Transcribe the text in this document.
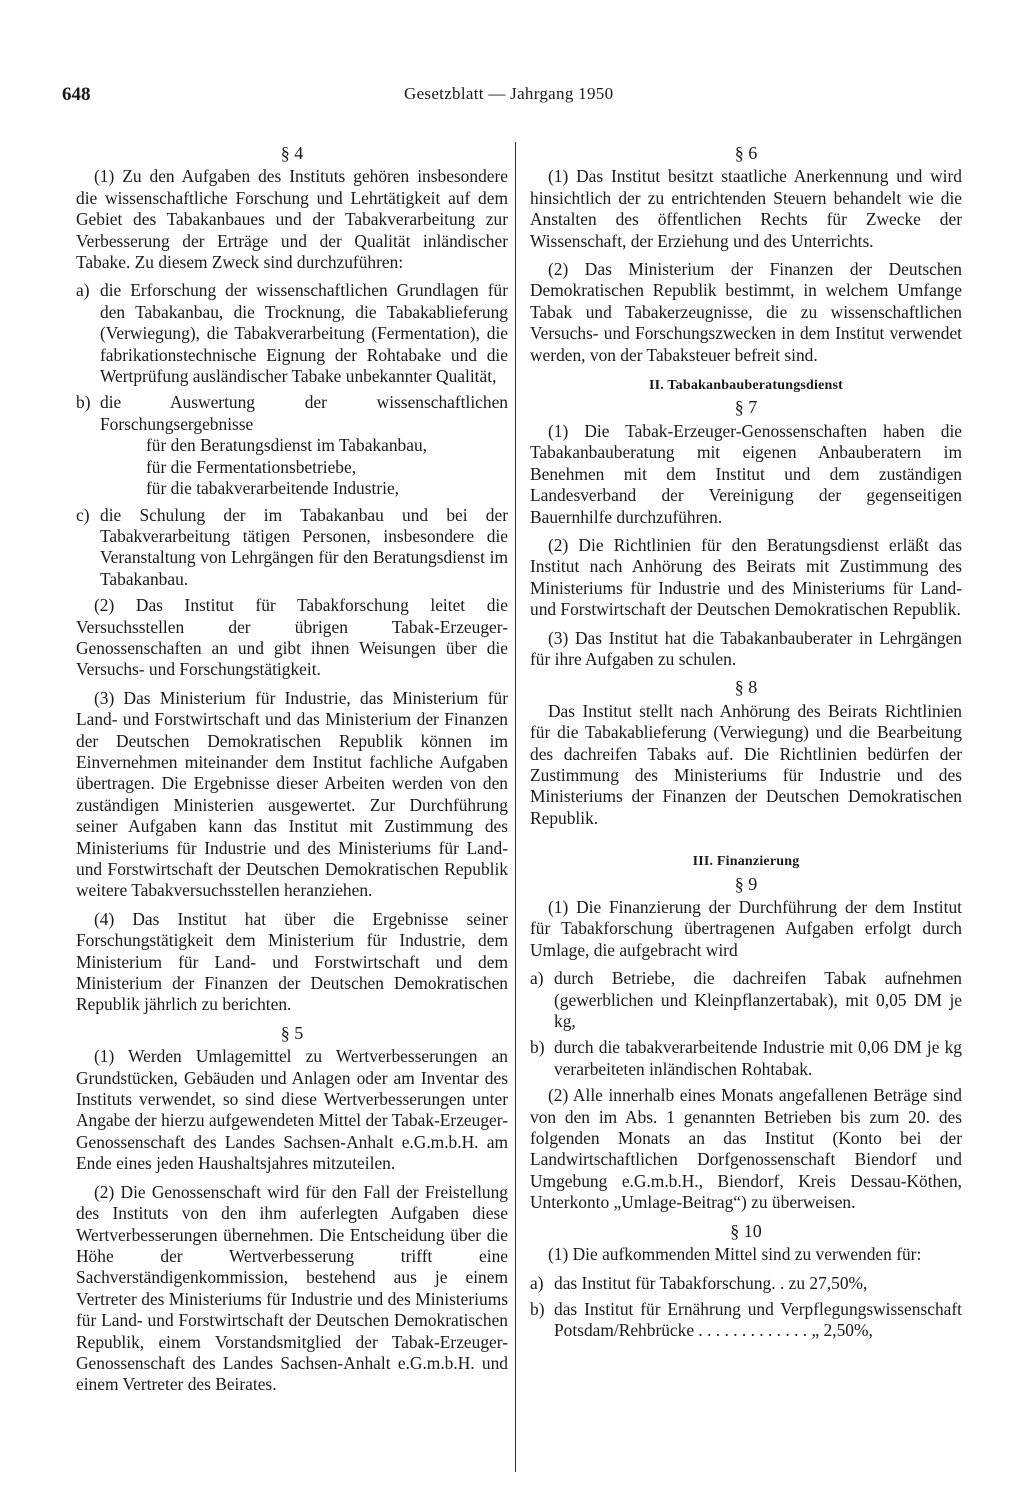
648	Gesetzblatt — Jahrgang 1950
§ 4

(1) Zu den Aufgaben des Instituts gehören insbesondere die wissenschaftliche Forschung und Lehrtätigkeit auf dem Gebiet des Tabakanbaues und der Tabakverarbeitung zur Verbesserung der Erträge und der Qualität inländischer Tabake. Zu diesem Zweck sind durchzuführen:

a) die Erforschung der wissenschaftlichen Grundlagen für den Tabakanbau, die Trocknung, die Tabakablieferung (Verwiegung), die Tabakverarbeitung (Fermentation), die fabrikationstechnische Eignung der Rohtabake und die Wertprüfung ausländischer Tabake unbekannter Qualität,
b) die Auswertung der wissenschaftlichen Forschungsergebnisse
für den Beratungsdienst im Tabakanbau,
für die Fermentationsbetriebe,
für die tabakverarbeitende Industrie,
c) die Schulung der im Tabakanbau und bei der Tabakverarbeitung tätigen Personen, insbesondere die Veranstaltung von Lehrgängen für den Beratungsdienst im Tabakanbau.

(2) Das Institut für Tabakforschung leitet die Versuchsstellen der übrigen Tabak-Erzeuger-Genossenschaften an und gibt ihnen Weisungen über die Versuchs- und Forschungstätigkeit.

(3) Das Ministerium für Industrie, das Ministerium für Land- und Forstwirtschaft und das Ministerium der Finanzen der Deutschen Demokratischen Republik können im Einvernehmen miteinander dem Institut fachliche Aufgaben übertragen. Die Ergebnisse dieser Arbeiten werden von den zuständigen Ministerien ausgewertet. Zur Durchführung seiner Aufgaben kann das Institut mit Zustimmung des Ministeriums für Industrie und des Ministeriums für Land- und Forstwirtschaft der Deutschen Demokratischen Republik weitere Tabakversuchsstellen heranziehen.

(4) Das Institut hat über die Ergebnisse seiner Forschungstätigkeit dem Ministerium für Industrie, dem Ministerium für Land- und Forstwirtschaft und dem Ministerium der Finanzen der Deutschen Demokratischen Republik jährlich zu berichten.

§ 5

(1) Werden Umlagemittel zu Wertverbesserungen an Grundstücken, Gebäuden und Anlagen oder am Inventar des Instituts verwendet, so sind diese Wertverbesserungen unter Angabe der hierzu aufgewendeten Mittel der Tabak-Erzeuger-Genossenschaft des Landes Sachsen-Anhalt e.G.m.b.H. am Ende eines jeden Haushaltsjahres mitzuteilen.

(2) Die Genossenschaft wird für den Fall der Freistellung des Instituts von den ihm auferlegten Aufgaben diese Wertverbesserungen übernehmen. Die Entscheidung über die Höhe der Wertverbesserung trifft eine Sachverständigenkommission, bestehend aus je einem Vertreter des Ministeriums für Industrie und des Ministeriums für Land- und Forstwirtschaft der Deutschen Demokratischen Republik, einem Vorstandsmitglied der Tabak-Erzeuger-Genossenschaft des Landes Sachsen-Anhalt e.G.m.b.H. und einem Vertreter des Beirates.

§ 6

(1) Das Institut besitzt staatliche Anerkennung und wird hinsichtlich der zu entrichtenden Steuern behandelt wie die Anstalten des öffentlichen Rechts für Zwecke der Wissenschaft, der Erziehung und des Unterrichts.

(2) Das Ministerium der Finanzen der Deutschen Demokratischen Republik bestimmt, in welchem Umfange Tabak und Tabakerzeugnisse, die zu wissenschaftlichen Versuchs- und Forschungszwecken in dem Institut verwendet werden, von der Tabaksteuer befreit sind.

II. Tabakanbauberatungsdienst
§ 7

(1) Die Tabak-Erzeuger-Genossenschaften haben die Tabakanbauberatung mit eigenen Anbauberatern im Benehmen mit dem Institut und dem zuständigen Landesverband der Vereinigung der gegenseitigen Bauernhilfe durchzuführen.

(2) Die Richtlinien für den Beratungsdienst erläßt das Institut nach Anhörung des Beirats mit Zustimmung des Ministeriums für Industrie und des Ministeriums für Land- und Forstwirtschaft der Deutschen Demokratischen Republik.

(3) Das Institut hat die Tabakanbauberater in Lehrgängen für ihre Aufgaben zu schulen.

§ 8

Das Institut stellt nach Anhörung des Beirats Richtlinien für die Tabakablieferung (Verwiegung) und die Bearbeitung des dachreifen Tabaks auf. Die Richtlinien bedürfen der Zustimmung des Ministeriums für Industrie und des Ministeriums der Finanzen der Deutschen Demokratischen Republik.

III. Finanzierung
§ 9

(1) Die Finanzierung der Durchführung der dem Institut für Tabakforschung übertragenen Aufgaben erfolgt durch Umlage, die aufgebracht wird

a) durch Betriebe, die dachreifen Tabak aufnehmen (gewerblichen und Kleinpflanzertabak), mit 0,05 DM je kg,
b) durch die tabakverarbeitende Industrie mit 0,06 DM je kg verarbeiteten inländischen Rohtabak.

(2) Alle innerhalb eines Monats angefallenen Beträge sind von den im Abs. 1 genannten Betrieben bis zum 20. des folgenden Monats an das Institut (Konto bei der Landwirtschaftlichen Dorfgenossenschaft Biendorf und Umgebung e.G.m.b.H., Biendorf, Kreis Dessau-Köthen, Unterkonto „Umlage-Beitrag“) zu überweisen.

§ 10

(1) Die aufkommenden Mittel sind zu verwenden für:

a) das Institut für Tabakforschung. . zu 27,50%,
b) das Institut für Ernährung und Verpflegungswissenschaft Potsdam/Rehbrücke . . . . . . . . . . . . . „ 2,50%,
